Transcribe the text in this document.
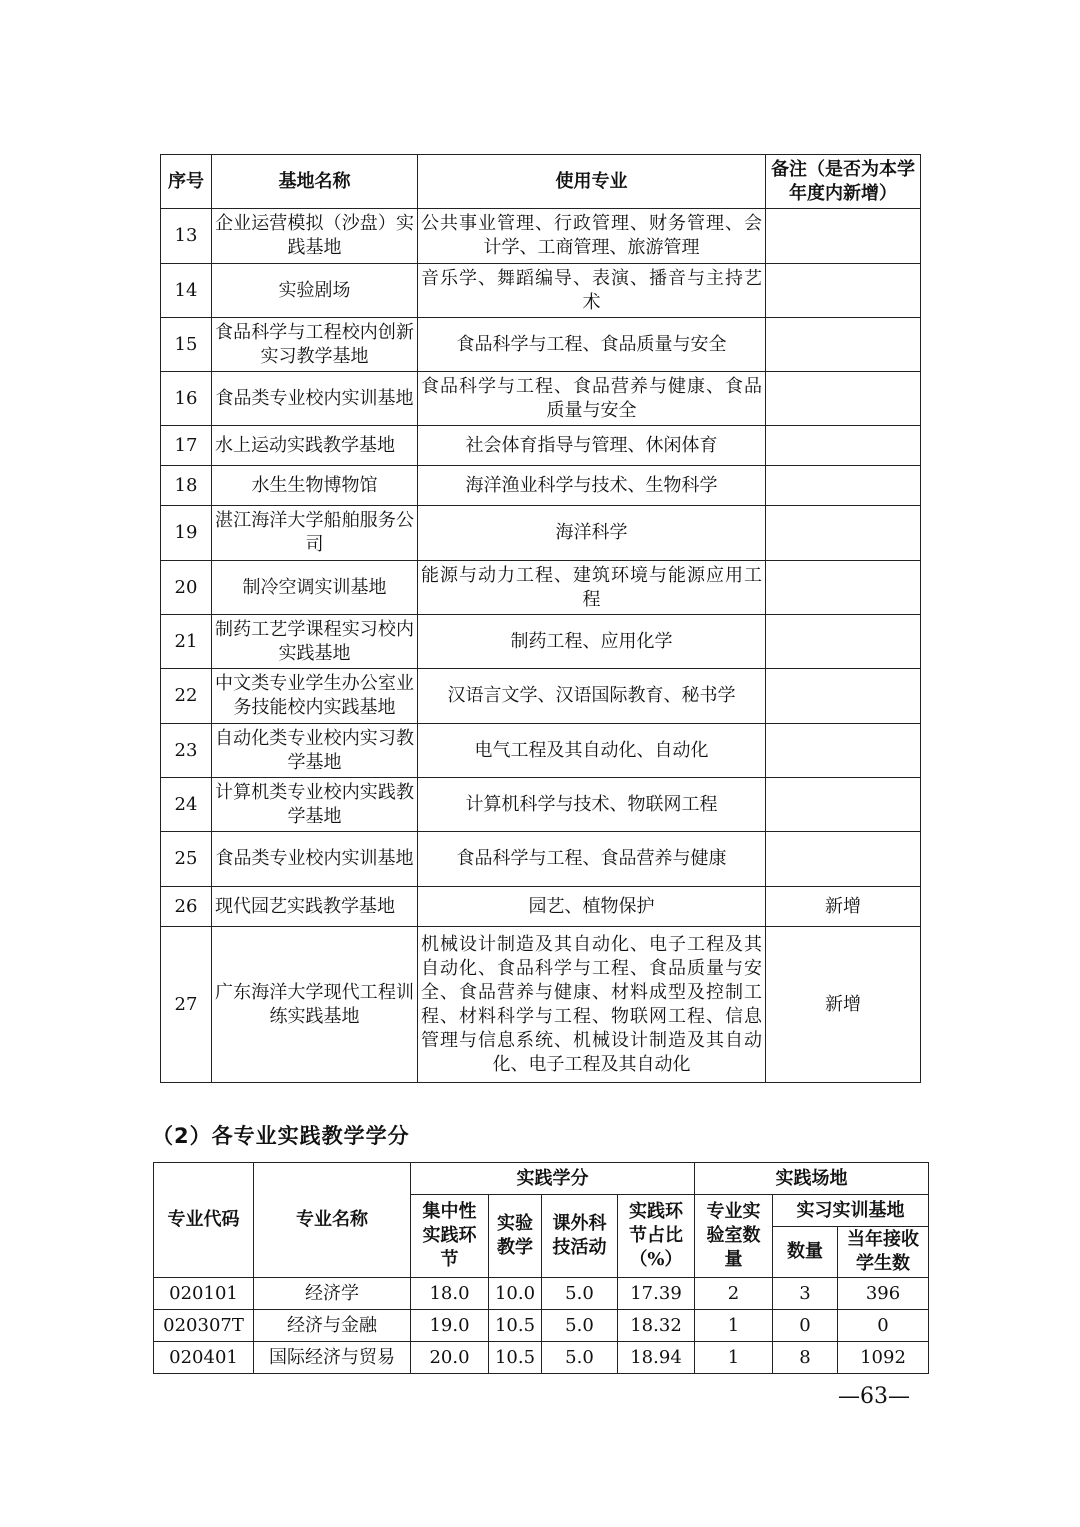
序号	基地名称	使用专业	备注（是否为本学年度内新增）
13	企业运营模拟（沙盘）实践基地	公共事业管理、行政管理、财务管理、会计学、工商管理、旅游管理	
14	实验剧场	音乐学、舞蹈编导、表演、播音与主持艺术	
15	食品科学与工程校内创新实习教学基地	食品科学与工程、食品质量与安全	
16	食品类专业校内实训基地	食品科学与工程、食品营养与健康、食品质量与安全	
17	水上运动实践教学基地	社会体育指导与管理、休闲体育	
18	水生生物博物馆	海洋渔业科学与技术、生物科学	
19	湛江海洋大学船舶服务公司	海洋科学	
20	制冷空调实训基地	能源与动力工程、建筑环境与能源应用工程	
21	制药工艺学课程实习校内实践基地	制药工程、应用化学	
22	中文类专业学生办公室业务技能校内实践基地	汉语言文学、汉语国际教育、秘书学	
23	自动化类专业校内实习教学基地	电气工程及其自动化、自动化	
24	计算机类专业校内实践教学基地	计算机科学与技术、物联网工程	
25	食品类专业校内实训基地	食品科学与工程、食品营养与健康	
26	现代园艺实践教学基地	园艺、植物保护	新增
27	广东海洋大学现代工程训练实践基地	机械设计制造及其自动化、电子工程及其自动化、食品科学与工程、食品质量与安全、食品营养与健康、材料成型及控制工程、材料科学与工程、物联网工程、信息管理与信息系统、机械设计制造及其自动化、电子工程及其自动化	新增
（2）各专业实践教学学分
专业代码	专业名称	实践学分				实践场地		
		集中性实践环节	实验教学	课外科技活动	实践环节占比（%）	专业实验室数量	实习实训基地	
							数量	当年接收学生数
020101	经济学	18.0	10.0	5.0	17.39	2	3	396
020307T	经济与金融	19.0	10.5	5.0	18.32	1	0	0
020401	国际经济与贸易	20.0	10.5	5.0	18.94	1	8	1092
—63—
